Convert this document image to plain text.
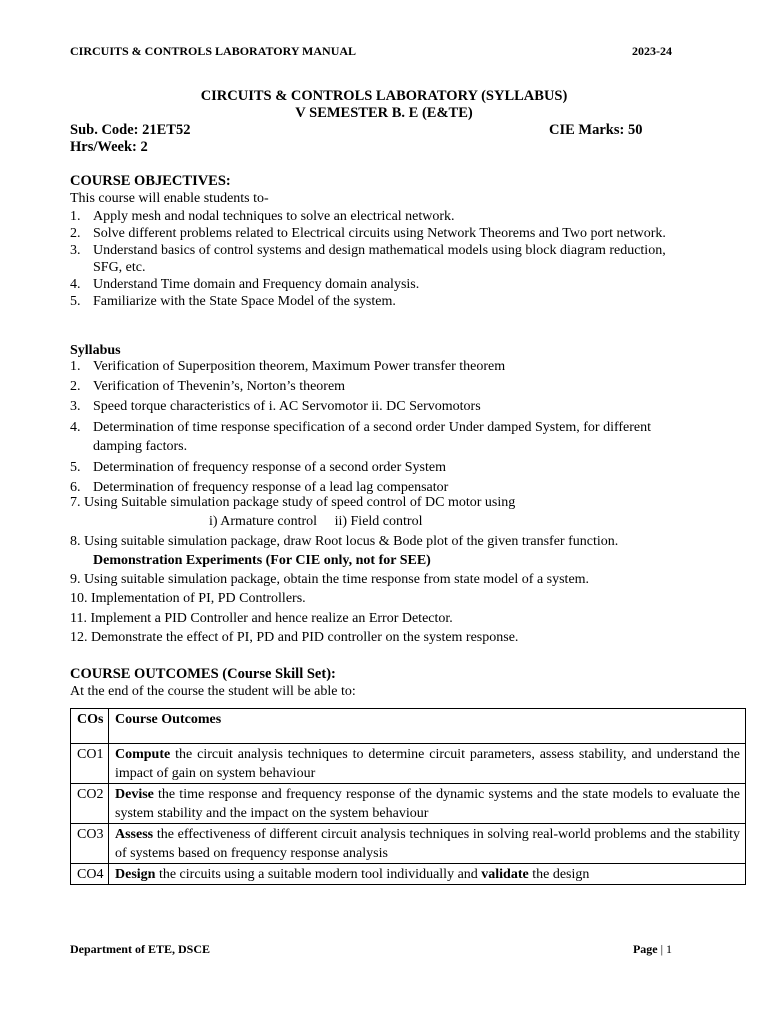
CIRCUITS & CONTROLS LABORATORY MANUAL	2023-24
CIRCUITS & CONTROLS LABORATORY (SYLLABUS)
V SEMESTER B. E (E&TE)
Sub. Code: 21ET52	CIE Marks: 50
Hrs/Week: 2
COURSE OBJECTIVES:
This course will enable students to-
1. Apply mesh and nodal techniques to solve an electrical network.
2. Solve different problems related to Electrical circuits using Network Theorems and Two port network.
3. Understand basics of control systems and design mathematical models using block diagram reduction, SFG, etc.
4. Understand Time domain and Frequency domain analysis.
5. Familiarize with the State Space Model of the system.
Syllabus
1. Verification of Superposition theorem, Maximum Power transfer theorem
2. Verification of Thevenin’s, Norton’s theorem
3. Speed torque characteristics of i. AC Servomotor ii. DC Servomotors
4. Determination of time response specification of a second order Under damped System, for different damping factors.
5. Determination of frequency response of a second order System
6. Determination of frequency response of a lead lag compensator
7. Using Suitable simulation package study of speed control of DC motor using
i) Armature control     ii) Field control
8. Using suitable simulation package, draw Root locus & Bode plot of the given transfer function.
Demonstration Experiments (For CIE only, not for SEE)
9. Using suitable simulation package, obtain the time response from state model of a system.
10. Implementation of PI, PD Controllers.
11. Implement a PID Controller and hence realize an Error Detector.
12. Demonstrate the effect of PI, PD and PID controller on the system response.
COURSE OUTCOMES (Course Skill Set):
At the end of the course the student will be able to:
COs	Course Outcomes
CO1	Compute the circuit analysis techniques to determine circuit parameters, assess stability, and understand the impact of gain on system behaviour
CO2	Devise the time response and frequency response of the dynamic systems and the state models to evaluate the system stability and the impact on the system behaviour
CO3	Assess the effectiveness of different circuit analysis techniques in solving real-world problems and the stability of systems based on frequency response analysis
CO4	Design the circuits using a suitable modern tool individually and validate the design
Department of ETE, DSCE	Page | 1
